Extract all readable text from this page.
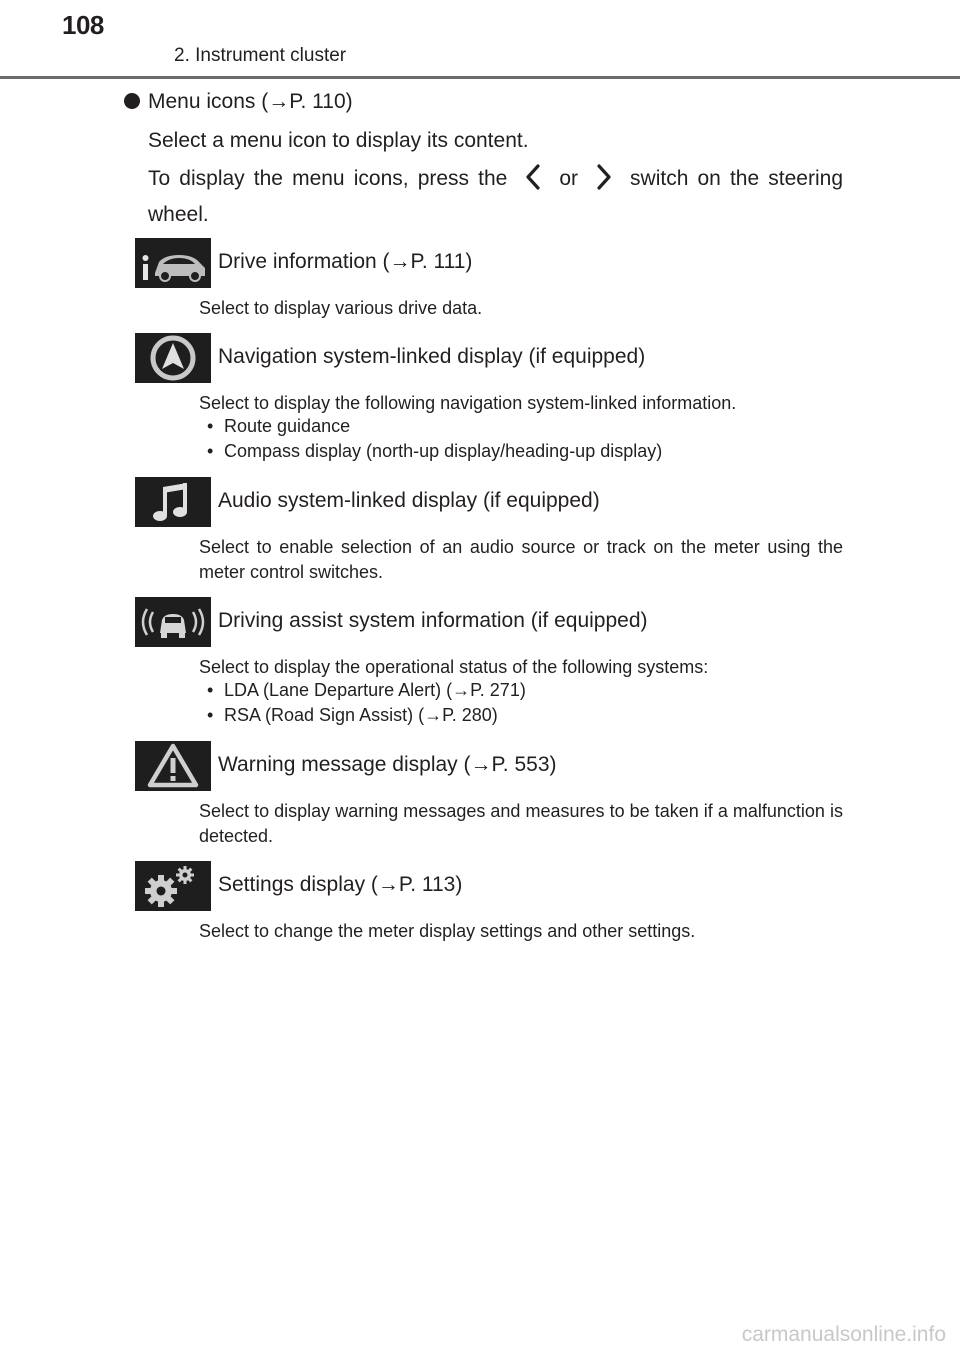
108
2. Instrument cluster
Menu icons (→P. 110)
Select a menu icon to display its content.
To display the menu icons, press the or switch on the steering wheel.
Drive information (→P. 111)
Select to display various drive data.
Navigation system-linked display (if equipped)
Select to display the following navigation system-linked information.
• Route guidance
• Compass display (north-up display/heading-up display)
Audio system-linked display (if equipped)
Select to enable selection of an audio source or track on the meter using the meter control switches.
Driving assist system information (if equipped)
Select to display the operational status of the following systems:
• LDA (Lane Departure Alert) (→P. 271)
• RSA (Road Sign Assist) (→P. 280)
Warning message display (→P. 553)
Select to display warning messages and measures to be taken if a malfunction is detected.
Settings display (→P. 113)
Select to change the meter display settings and other settings.
carmanualsonline.info
